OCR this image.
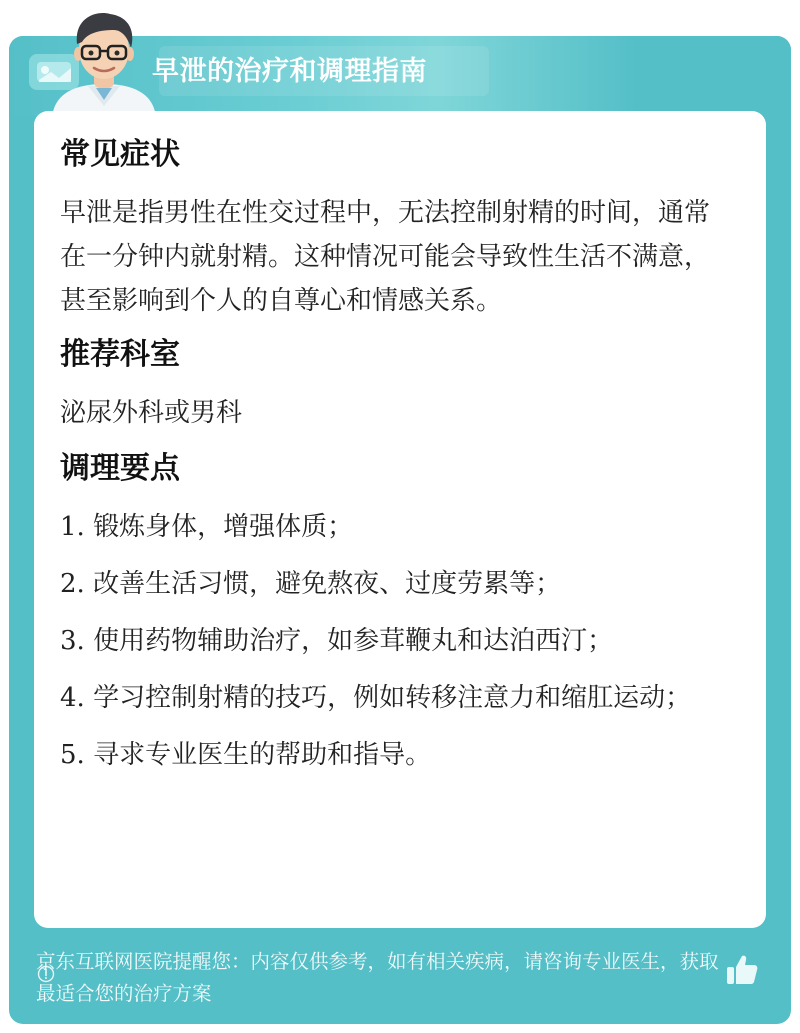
早泄的治疗和调理指南
常见症状

早泄是指男性在性交过程中，无法控制射精的时间，通常在一分钟内就射精。这种情况可能会导致性生活不满意，甚至影响到个人的自尊心和情感关系。

推荐科室

泌尿外科或男科

调理要点
1. 锻炼身体，增强体质；
2. 改善生活习惯，避免熬夜、过度劳累等；
3. 使用药物辅助治疗，如参茸鞭丸和达泊西汀；
4. 学习控制射精的技巧，例如转移注意力和缩肛运动；
5. 寻求专业医生的帮助和指导。
京东互联网医院提醒您：内容仅供参考，如有相关疾病，请咨询专业医生，获取最适合您的治疗方案
